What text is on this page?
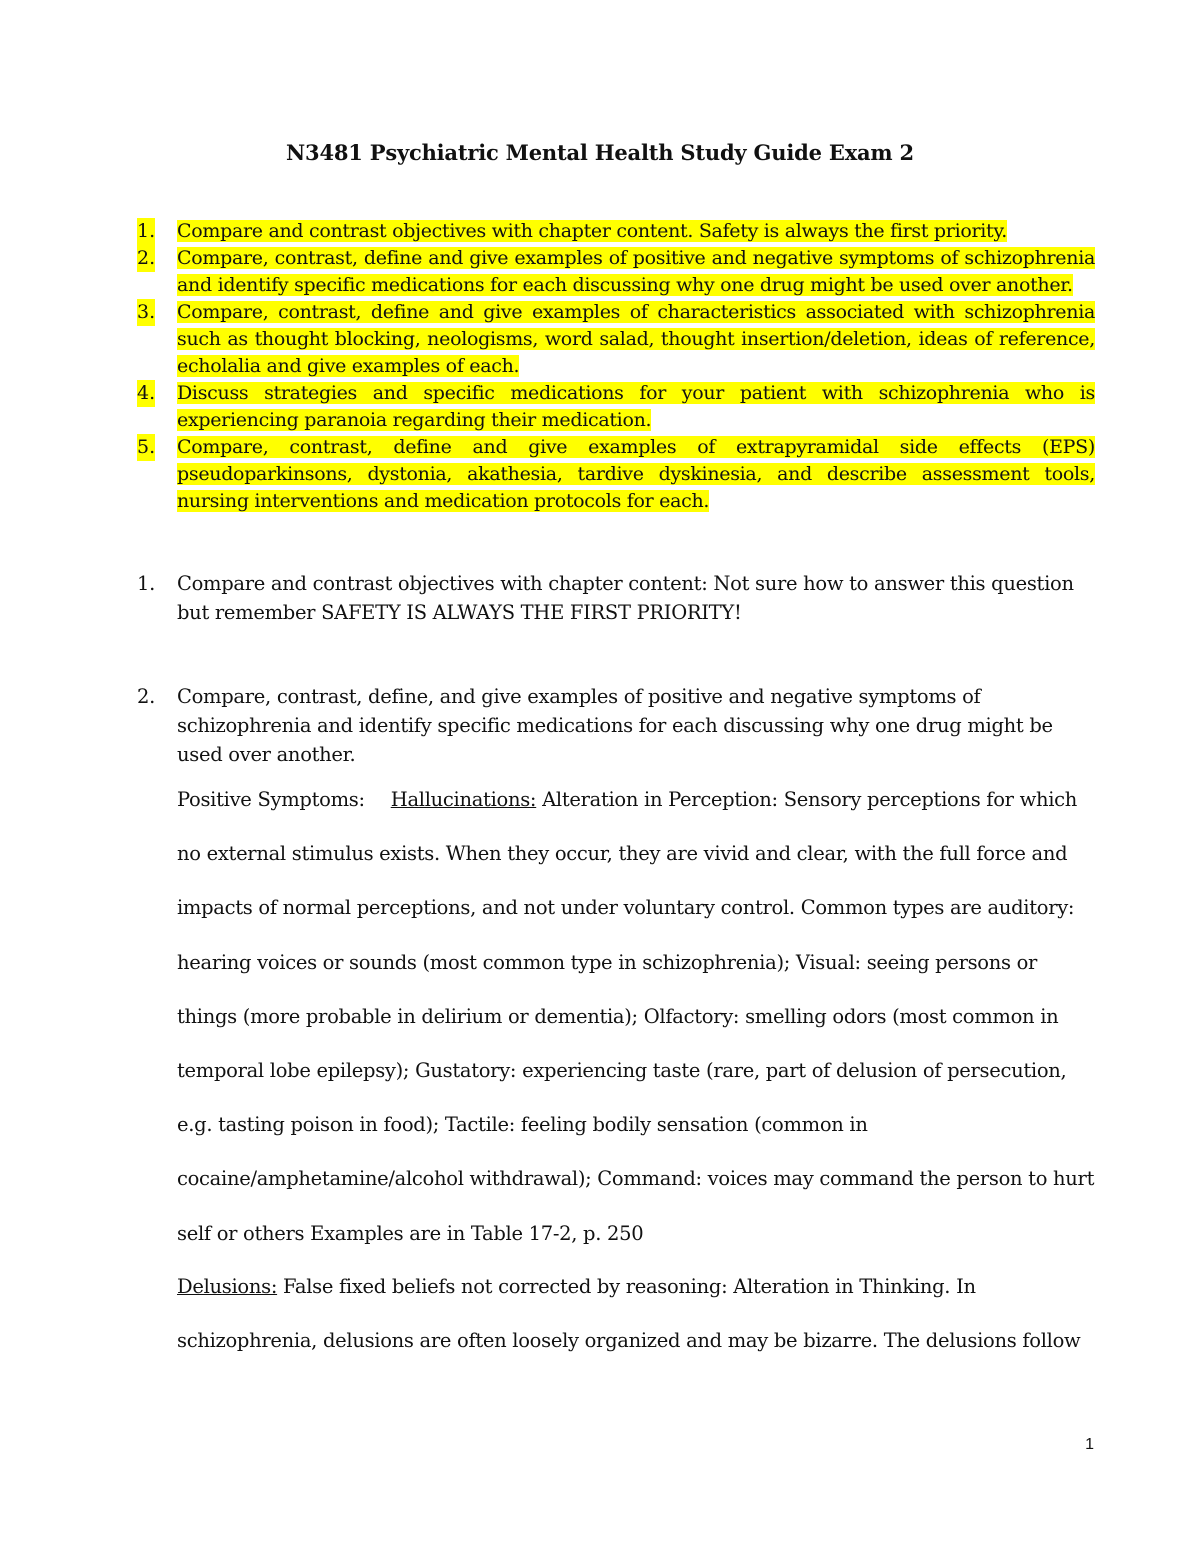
N3481 Psychiatric Mental Health Study Guide Exam 2
1. Compare and contrast objectives with chapter content. Safety is always the first priority.
2. Compare, contrast, define and give examples of positive and negative symptoms of schizophrenia and identify specific medications for each discussing why one drug might be used over another.
3. Compare, contrast, define and give examples of characteristics associated with schizophrenia such as thought blocking, neologisms, word salad, thought insertion/deletion, ideas of reference, echolalia and give examples of each.
4. Discuss strategies and specific medications for your patient with schizophrenia who is experiencing paranoia regarding their medication.
5. Compare, contrast, define and give examples of extrapyramidal side effects (EPS) pseudoparkinsons, dystonia, akathesia, tardive dyskinesia, and describe assessment tools, nursing interventions and medication protocols for each.
1. Compare and contrast objectives with chapter content: Not sure how to answer this question but remember SAFETY IS ALWAYS THE FIRST PRIORITY!
2. Compare, contrast, define, and give examples of positive and negative symptoms of schizophrenia and identify specific medications for each discussing why one drug might be used over another.
Positive Symptoms: Hallucinations: Alteration in Perception: Sensory perceptions for which no external stimulus exists. When they occur, they are vivid and clear, with the full force and impacts of normal perceptions, and not under voluntary control. Common types are auditory: hearing voices or sounds (most common type in schizophrenia); Visual: seeing persons or things (more probable in delirium or dementia); Olfactory: smelling odors (most common in temporal lobe epilepsy); Gustatory: experiencing taste (rare, part of delusion of persecution, e.g. tasting poison in food); Tactile: feeling bodily sensation (common in cocaine/amphetamine/alcohol withdrawal); Command: voices may command the person to hurt self or others Examples are in Table 17-2, p. 250
Delusions: False fixed beliefs not corrected by reasoning: Alteration in Thinking. In schizophrenia, delusions are often loosely organized and may be bizarre. The delusions follow
1
